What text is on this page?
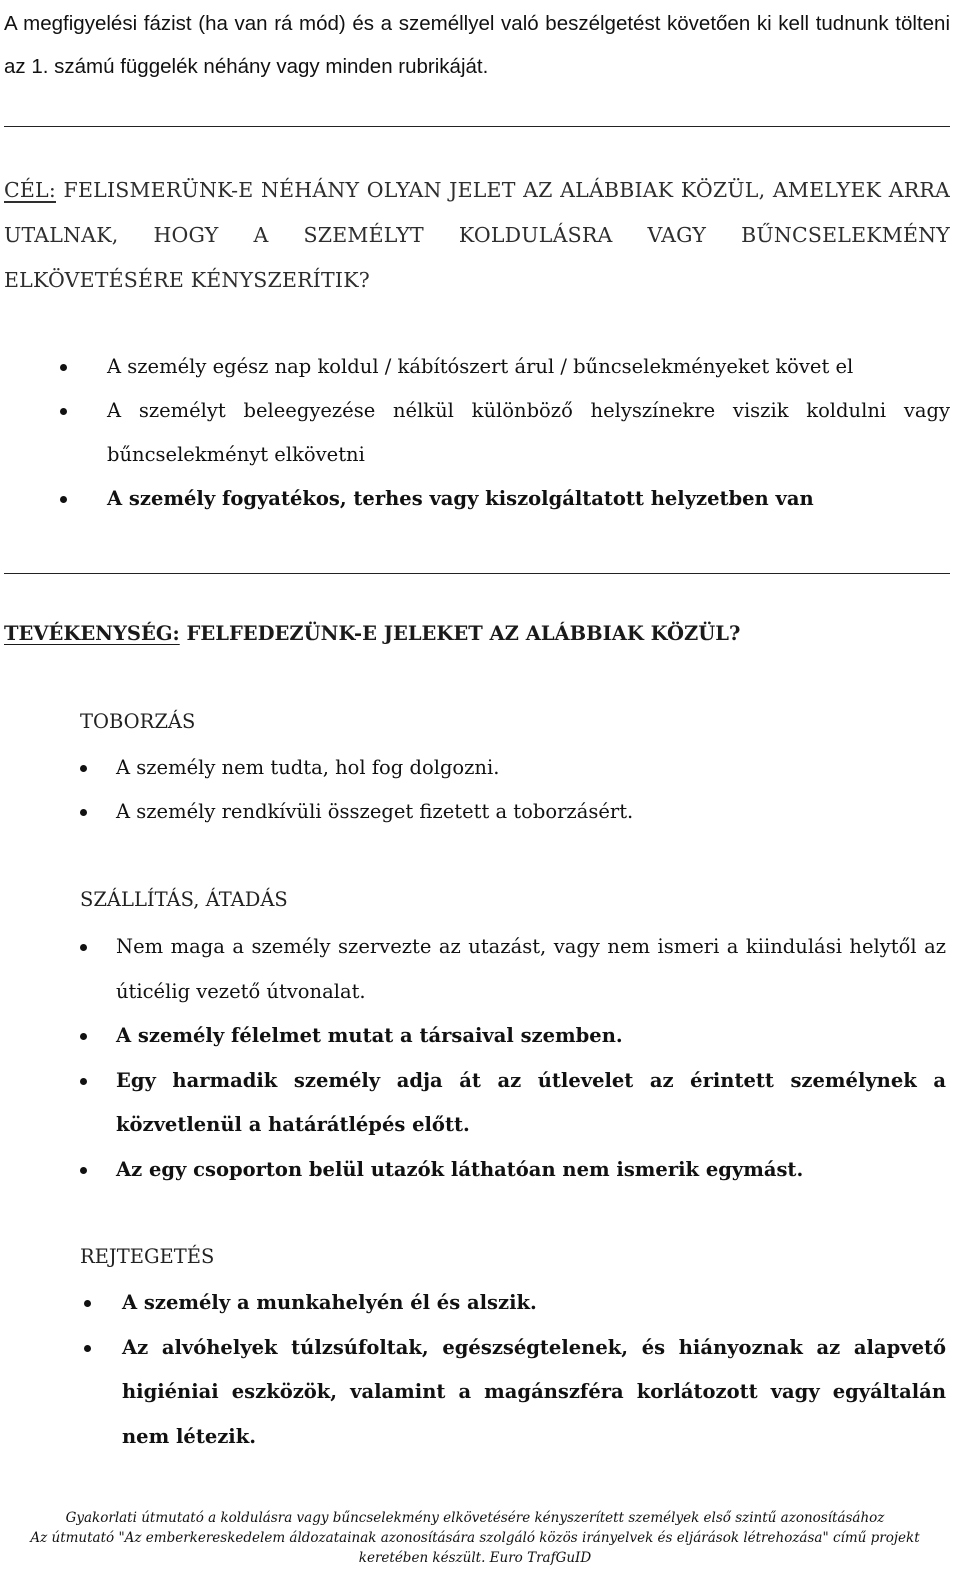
A megfigyelési fázist (ha van rá mód) és a személlyel való beszélgetést követően ki kell tudnunk tölteni az 1. számú függelék néhány vagy minden rubrikáját.

CÉL: FELISMERÜNK-E NÉHÁNY OLYAN JELET AZ ALÁBBIAK KÖZÜL, AMELYEK ARRA UTALNAK, HOGY A SZEMÉLYT KOLDULÁSRA VAGY BŰNCSELEKMÉNY ELKÖVETÉSÉRE KÉNYSZERÍTIK?

A személy egész nap koldul / kábítószert árul / bűncselekményeket követ el
A személyt beleegyezése nélkül különböző helyszínekre viszik koldulni vagy bűncselekményt elkövetni
A személy fogyatékos, terhes vagy kiszolgáltatott helyzetben van

TEVÉKENYSÉG: FELFEDEZÜNK-E JELEKET AZ ALÁBBIAK KÖZÜL?

TOBORZÁS

A személy nem tudta, hol fog dolgozni.
A személy rendkívüli összeget fizetett a toborzásért.

SZÁLLÍTÁS, ÁTADÁS

Nem maga a személy szervezte az utazást, vagy nem ismeri a kiindulási helytől az úticélig vezető útvonalat.
A személy félelmet mutat a társaival szemben.
Egy harmadik személy adja át az útlevelet az érintett személynek a közvetlenül a határátlépés előtt.
Az egy csoporton belül utazók láthatóan nem ismerik egymást.

REJTEGETÉS

A személy a munkahelyén él és alszik.
Az alvóhelyek túlzsúfoltak, egészségtelenek, és hiányoznak az alapvető higiéniai eszközök, valamint a magánszféra korlátozott vagy egyáltalán nem létezik.
Gyakorlati útmutató a koldulásra vagy bűncselekmény elkövetésére kényszerített személyek első szintű azonosításához
Az útmutató "Az emberkereskedelem áldozatainak azonosítására szolgáló közös irányelvek és eljárások létrehozása" című projekt
keretében készült. Euro TrafGuID
